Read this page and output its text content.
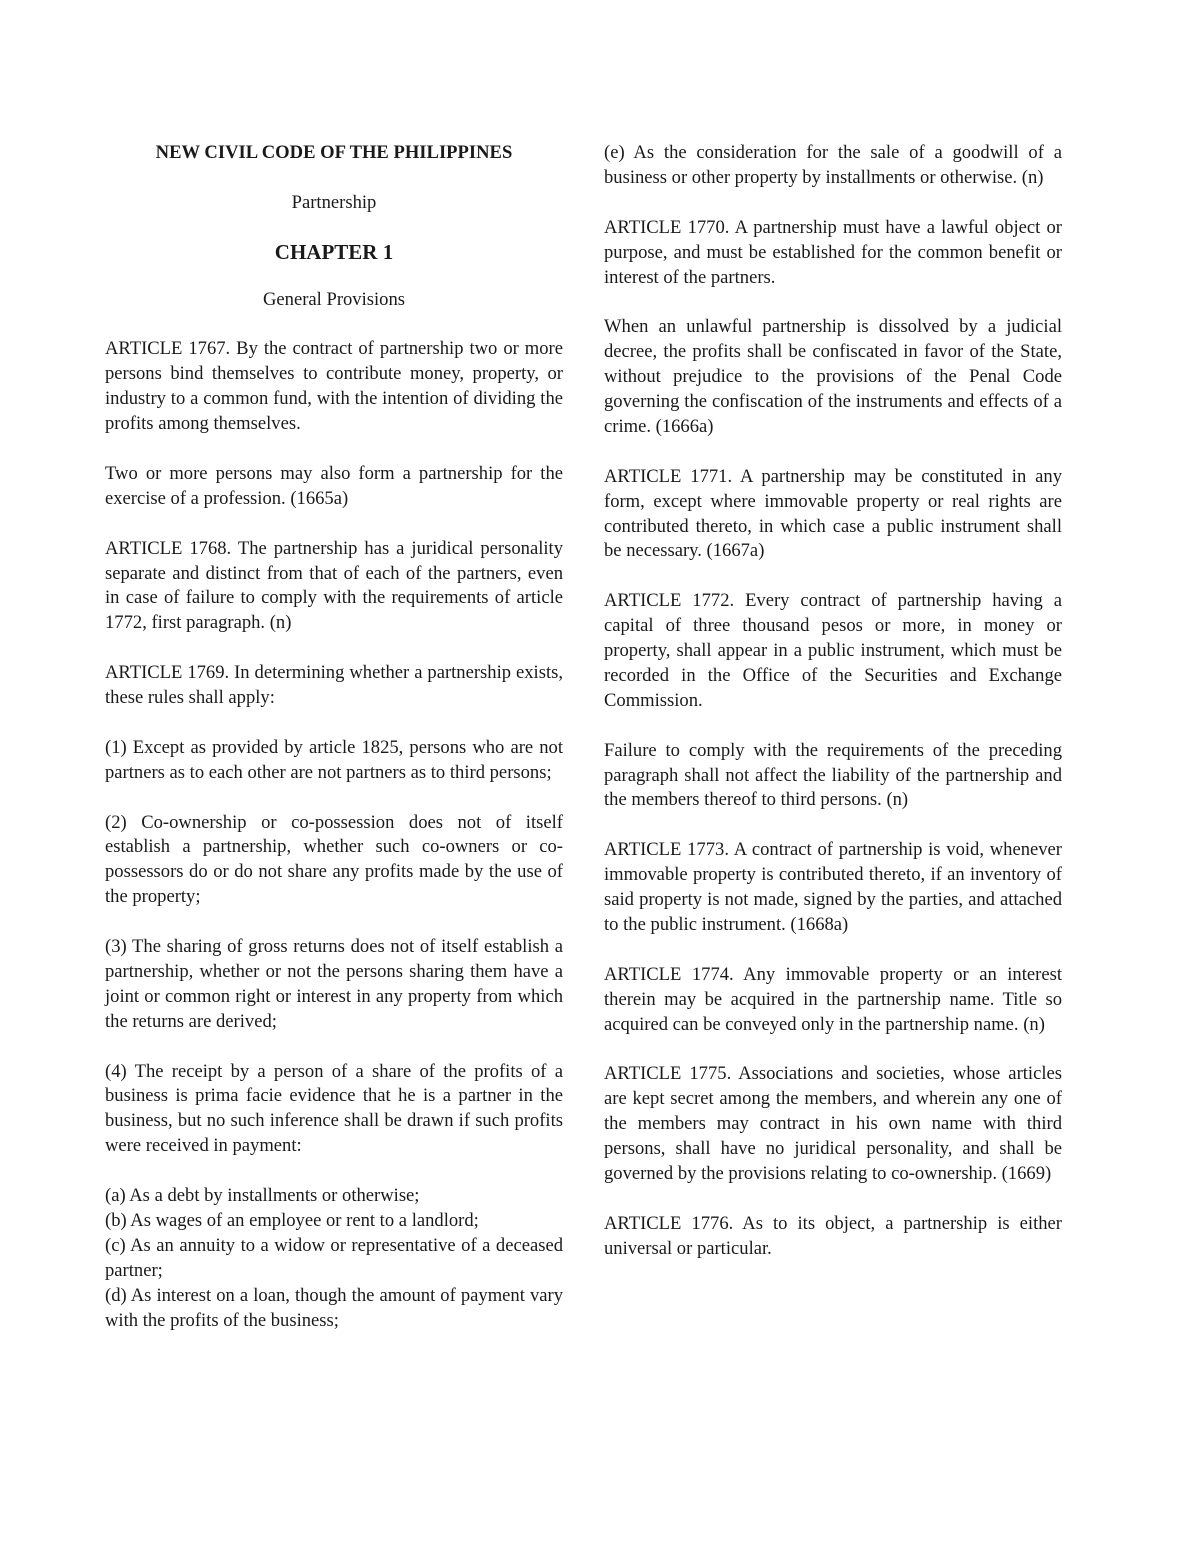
NEW CIVIL CODE OF THE PHILIPPINES
Partnership
CHAPTER 1
General Provisions

ARTICLE 1767. By the contract of partnership two or more persons bind themselves to contribute money, property, or industry to a common fund, with the intention of dividing the profits among themselves.

Two or more persons may also form a partnership for the exercise of a profession. (1665a)

ARTICLE 1768. The partnership has a juridical personality separate and distinct from that of each of the partners, even in case of failure to comply with the requirements of article 1772, first paragraph. (n)

ARTICLE 1769. In determining whether a partnership exists, these rules shall apply:

(1) Except as provided by article 1825, persons who are not partners as to each other are not partners as to third persons;

(2) Co-ownership or co-possession does not of itself establish a partnership, whether such co-owners or co-possessors do or do not share any profits made by the use of the property;

(3) The sharing of gross returns does not of itself establish a partnership, whether or not the persons sharing them have a joint or common right or interest in any property from which the returns are derived;

(4) The receipt by a person of a share of the profits of a business is prima facie evidence that he is a partner in the business, but no such inference shall be drawn if such profits were received in payment:

(a) As a debt by installments or otherwise;

(b) As wages of an employee or rent to a landlord;

(c) As an annuity to a widow or representative of a deceased partner;

(d) As interest on a loan, though the amount of payment vary with the profits of the business;

(e) As the consideration for the sale of a goodwill of a business or other property by installments or otherwise. (n)

ARTICLE 1770. A partnership must have a lawful object or purpose, and must be established for the common benefit or interest of the partners.

When an unlawful partnership is dissolved by a judicial decree, the profits shall be confiscated in favor of the State, without prejudice to the provisions of the Penal Code governing the confiscation of the instruments and effects of a crime. (1666a)

ARTICLE 1771. A partnership may be constituted in any form, except where immovable property or real rights are contributed thereto, in which case a public instrument shall be necessary. (1667a)

ARTICLE 1772. Every contract of partnership having a capital of three thousand pesos or more, in money or property, shall appear in a public instrument, which must be recorded in the Office of the Securities and Exchange Commission.

Failure to comply with the requirements of the preceding paragraph shall not affect the liability of the partnership and the members thereof to third persons. (n)

ARTICLE 1773. A contract of partnership is void, whenever immovable property is contributed thereto, if an inventory of said property is not made, signed by the parties, and attached to the public instrument. (1668a)

ARTICLE 1774. Any immovable property or an interest therein may be acquired in the partnership name. Title so acquired can be conveyed only in the partnership name. (n)

ARTICLE 1775. Associations and societies, whose articles are kept secret among the members, and wherein any one of the members may contract in his own name with third persons, shall have no juridical personality, and shall be governed by the provisions relating to co-ownership. (1669)

ARTICLE 1776. As to its object, a partnership is either universal or particular.
